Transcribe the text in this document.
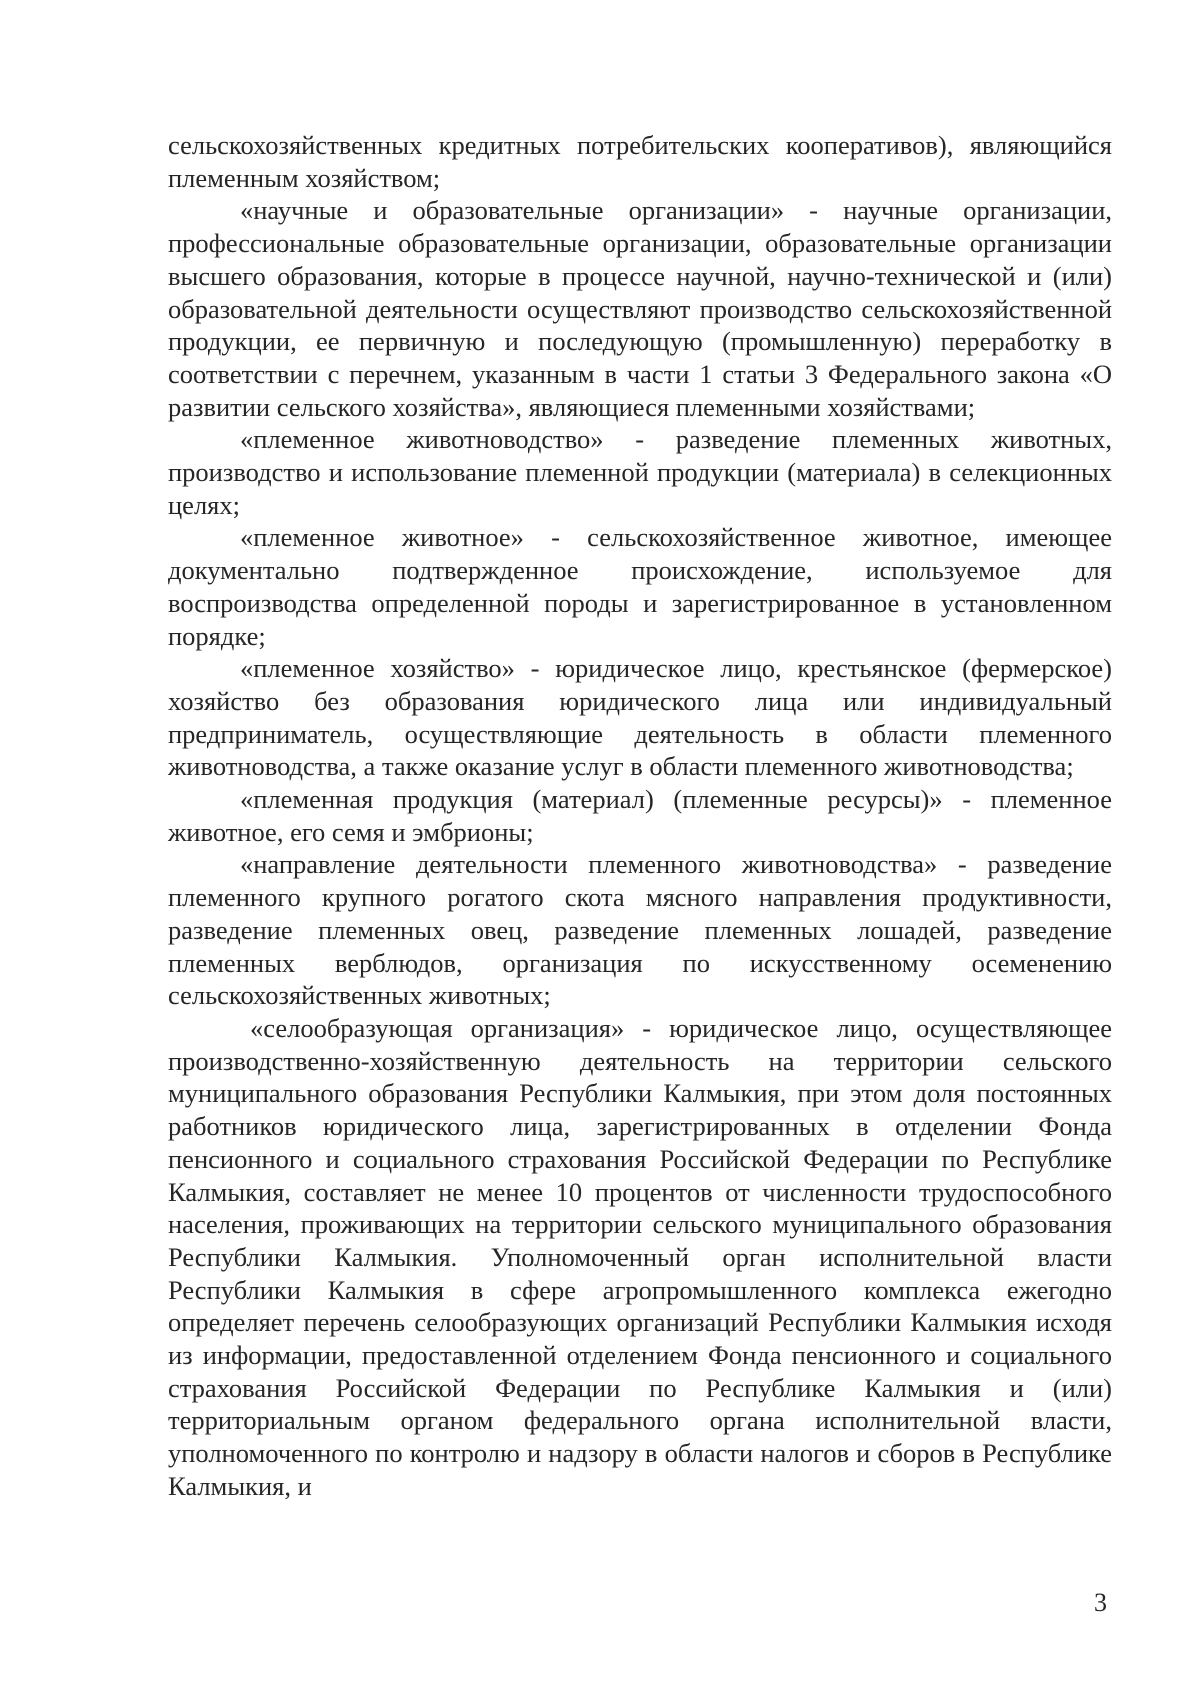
сельскохозяйственных кредитных потребительских кооперативов), являющийся племенным хозяйством;

«научные и образовательные организации» - научные организации, профессиональные образовательные организации, образовательные организации высшего образования, которые в процессе научной, научно-технической и (или) образовательной деятельности осуществляют производство сельскохозяйственной продукции, ее первичную и последующую (промышленную) переработку в соответствии с перечнем, указанным в части 1 статьи 3 Федерального закона «О развитии сельского хозяйства», являющиеся племенными хозяйствами;

«племенное животноводство» - разведение племенных животных, производство и использование племенной продукции (материала) в селекционных целях;

«племенное животное» - сельскохозяйственное животное, имеющее документально подтвержденное происхождение, используемое для воспроизводства определенной породы и зарегистрированное в установленном порядке;

«племенное хозяйство» - юридическое лицо, крестьянское (фермерское) хозяйство без образования юридического лица или индивидуальный предприниматель, осуществляющие деятельность в области племенного животноводства, а также оказание услуг в области племенного животноводства;

«племенная продукция (материал) (племенные ресурсы)» - племенное животное, его семя и эмбрионы;

«направление деятельности племенного животноводства» - разведение племенного крупного рогатого скота мясного направления продуктивности, разведение племенных овец, разведение племенных лошадей, разведение племенных верблюдов, организация по искусственному осеменению сельскохозяйственных животных;

«селообразующая организация» - юридическое лицо, осуществляющее производственно-хозяйственную деятельность на территории сельского муниципального образования Республики Калмыкия, при этом доля постоянных работников юридического лица, зарегистрированных в отделении Фонда пенсионного и социального страхования Российской Федерации по Республике Калмыкия, составляет не менее 10 процентов от численности трудоспособного населения, проживающих на территории сельского муниципального образования Республики Калмыкия. Уполномоченный орган исполнительной власти Республики Калмыкия в сфере агропромышленного комплекса ежегодно определяет перечень селообразующих организаций Республики Калмыкия исходя из информации, предоставленной отделением Фонда пенсионного и социального страхования Российской Федерации по Республике Калмыкия и (или) территориальным органом федерального органа исполнительной власти, уполномоченного по контролю и надзору в области налогов и сборов в Республике Калмыкия, и

3
